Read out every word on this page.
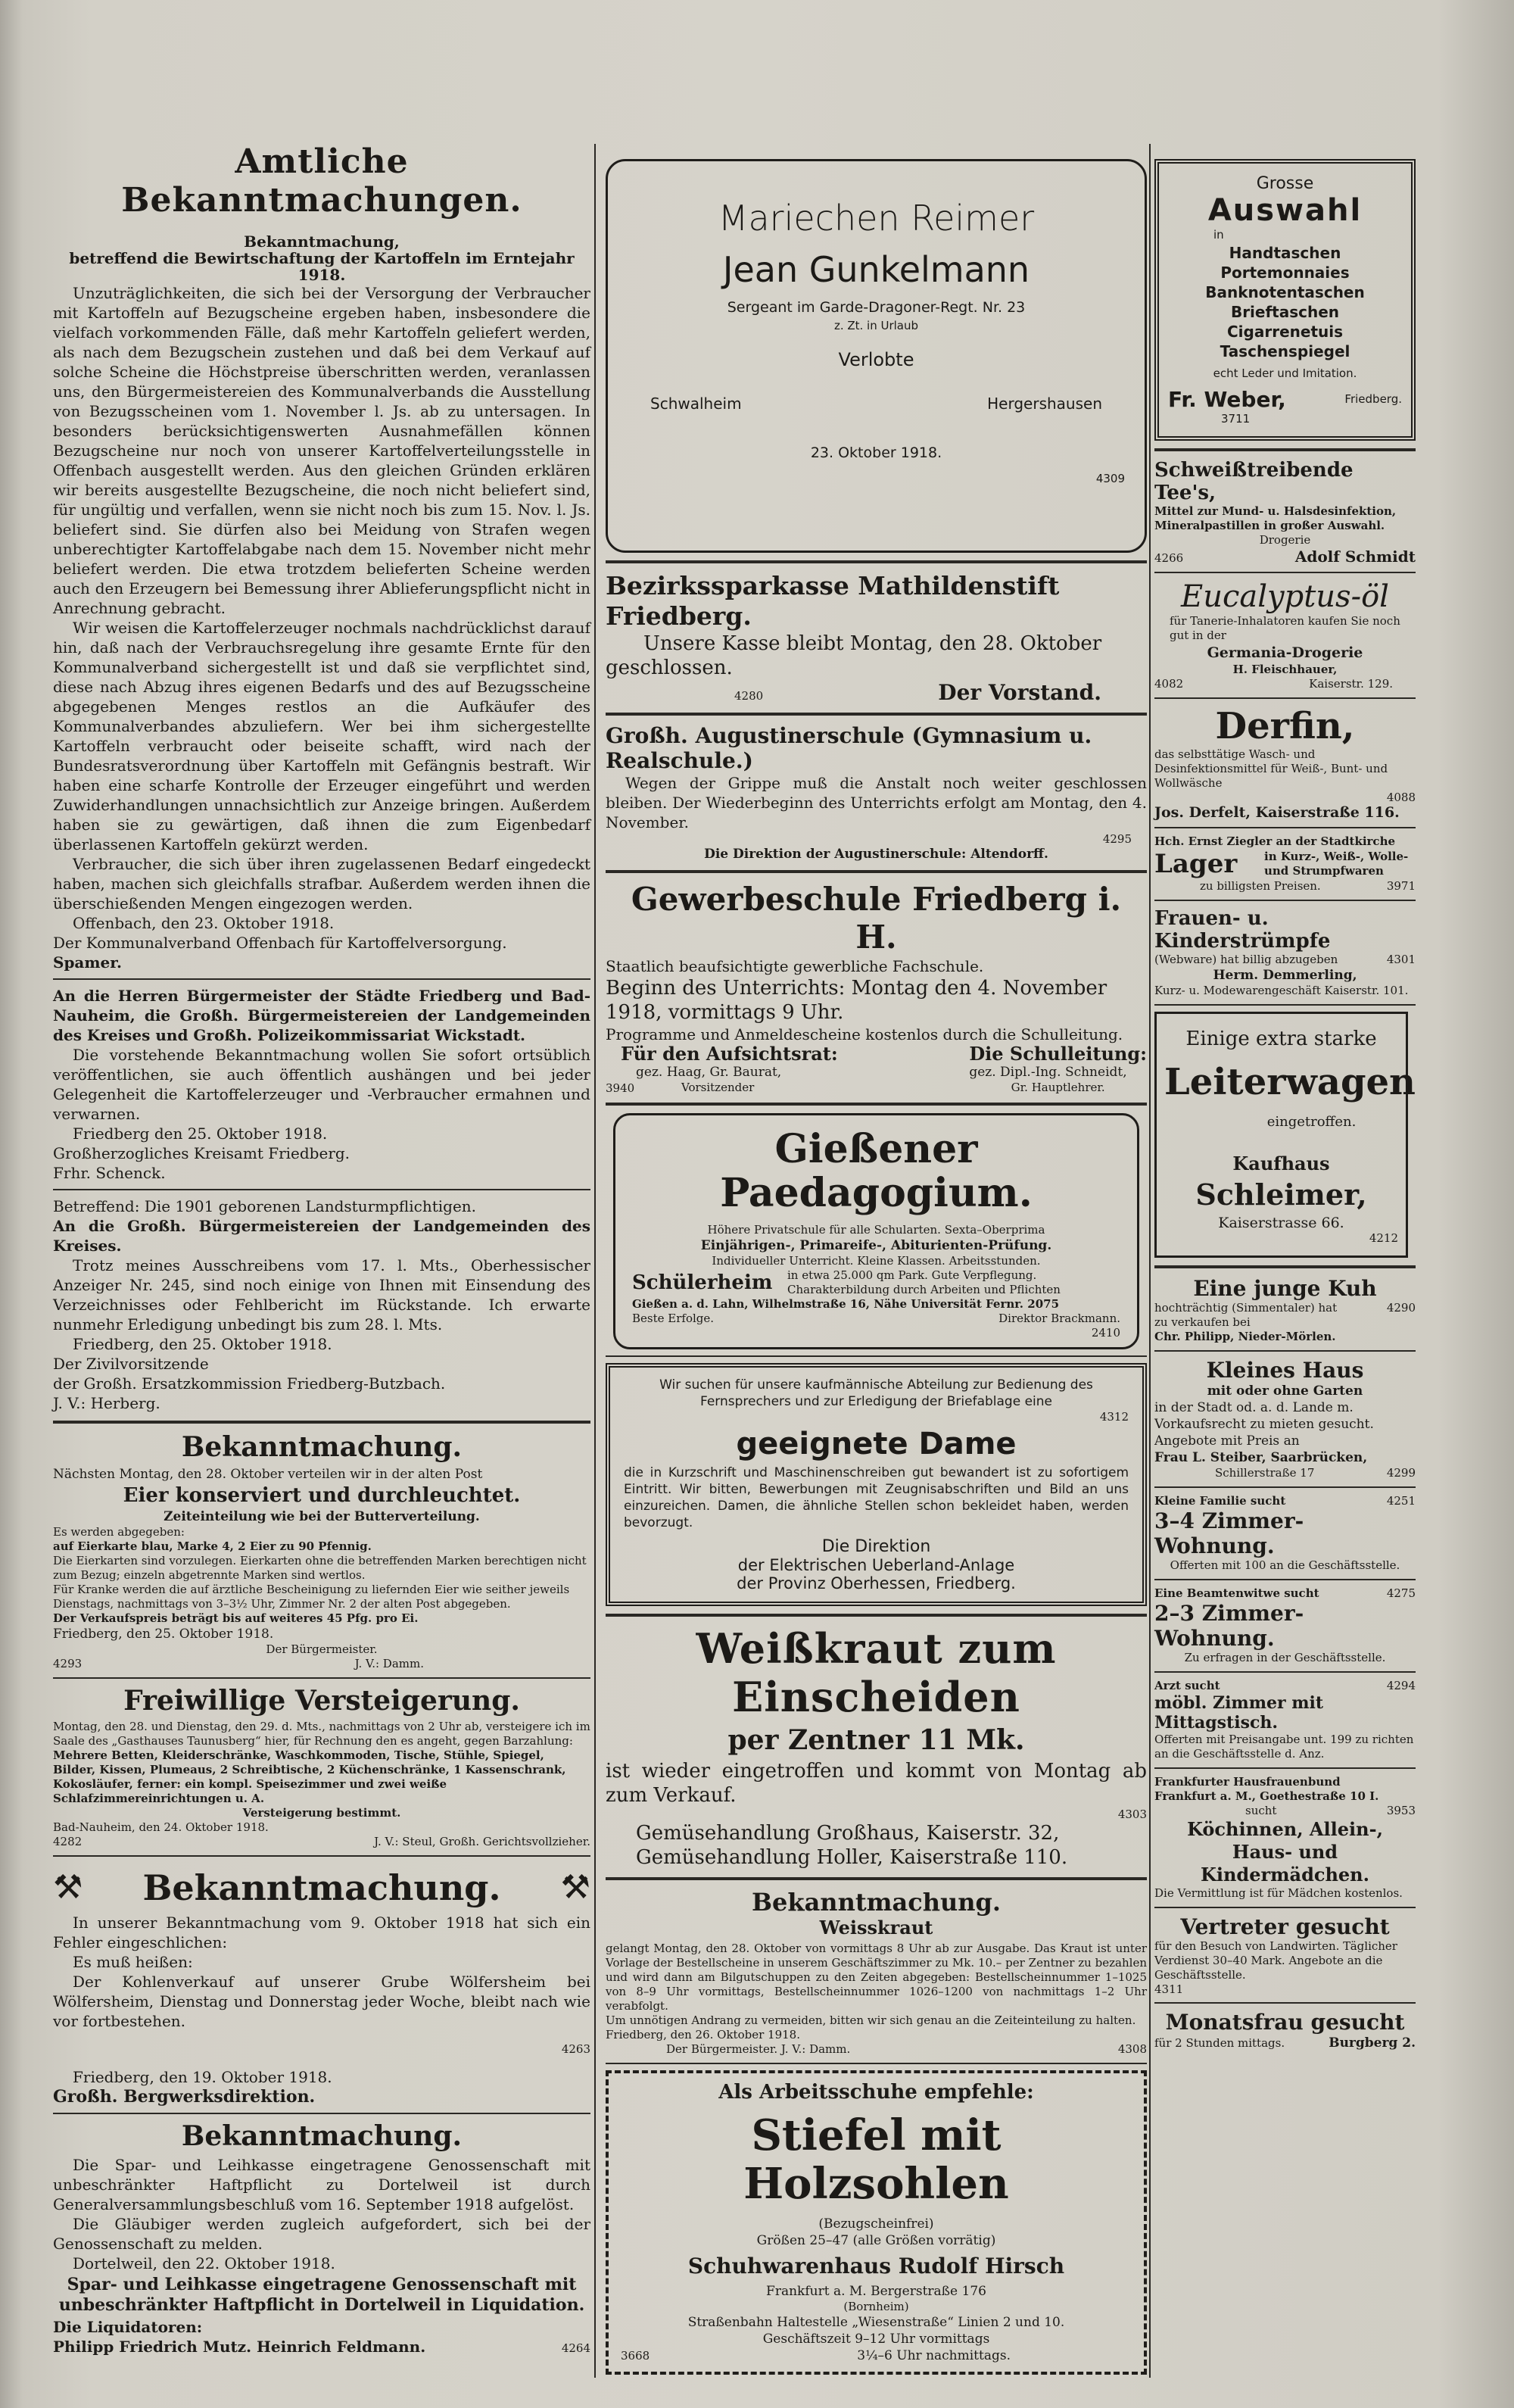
Amtliche Bekanntmachungen.

Bekanntmachung,

betreffend die Bewirtschaftung der Kartoffeln im Erntejahr 1918.

Unzuträglichkeiten, die sich bei der Versorgung der Verbraucher mit Kartoffeln auf Bezugscheine ergeben haben, insbesondere die vielfach vorkommenden Fälle, daß mehr Kartoffeln geliefert werden, als nach dem Bezugschein zustehen und daß bei dem Verkauf auf solche Scheine die Höchstpreise überschritten werden, veranlassen uns, den Bürgermeistereien des Kommunalverbands die Ausstellung von Bezugsscheinen vom 1. November l. Js. ab zu untersagen. In besonders berücksichtigenswerten Ausnahmefällen können Bezugscheine nur noch von unserer Kartoffelverteilungsstelle in Offenbach ausgestellt werden. Aus den gleichen Gründen erklären wir bereits ausgestellte Bezugscheine, die noch nicht beliefert sind, für ungültig und verfallen, wenn sie nicht noch bis zum 15. Nov. l. Js. beliefert sind. Sie dürfen also bei Meidung von Strafen wegen unberechtigter Kartoffelabgabe nach dem 15. November nicht mehr beliefert werden. Die etwa trotzdem belieferten Scheine werden auch den Erzeugern bei Bemessung ihrer Ablieferungspflicht nicht in Anrechnung gebracht.

Wir weisen die Kartoffelerzeuger nochmals nachdrücklichst darauf hin, daß nach der Verbrauchsregelung ihre gesamte Ernte für den Kommunalverband sichergestellt ist und daß sie verpflichtet sind, diese nach Abzug ihres eigenen Bedarfs und des auf Bezugsscheine abgegebenen Menges restlos an die Aufkäufer des Kommunalverbandes abzuliefern. Wer bei ihm sichergestellte Kartoffeln verbraucht oder beiseite schafft, wird nach der Bundesratsverordnung über Kartoffeln mit Gefängnis bestraft. Wir haben eine scharfe Kontrolle der Erzeuger eingeführt und werden Zuwiderhandlungen unnachsichtlich zur Anzeige bringen. Außerdem haben sie zu gewärtigen, daß ihnen die zum Eigenbedarf überlassenen Kartoffeln gekürzt werden.

Verbraucher, die sich über ihren zugelassenen Bedarf eingedeckt haben, machen sich gleichfalls strafbar. Außerdem werden ihnen die überschießenden Mengen eingezogen werden.

Offenbach, den 23. Oktober 1918.

Der Kommunalverband Offenbach für Kartoffelversorgung.

Spamer.

An die Herren Bürgermeister der Städte Friedberg und Bad-Nauheim, die Großh. Bürgermeistereien der Landgemeinden des Kreises und Großh. Polizeikommissariat Wickstadt.

Die vorstehende Bekanntmachung wollen Sie sofort ortsüblich veröffentlichen, sie auch öffentlich aushängen und bei jeder Gelegenheit die Kartoffelerzeuger und -Verbraucher ermahnen und verwarnen.

Friedberg den 25. Oktober 1918.

Großherzogliches Kreisamt Friedberg.

Frhr. Schenck.

Betreffend: Die 1901 geborenen Landsturmpflichtigen.

An die Großh. Bürgermeistereien der Landgemeinden des Kreises.

Trotz meines Ausschreibens vom 17. l. Mts., Oberhessischer Anzeiger Nr. 245, sind noch einige von Ihnen mit Einsendung des Verzeichnisses oder Fehlbericht im Rückstande. Ich erwarte nunmehr Erledigung unbedingt bis zum 28. l. Mts.

Friedberg, den 25. Oktober 1918.

Der Zivilvorsitzende

der Großh. Ersatzkommission Friedberg-Butzbach.

J. V.: Herberg.

Bekanntmachung.

Nächsten Montag, den 28. Oktober verteilen wir in der alten Post

Eier konserviert und durchleuchtet.

Zeiteinteilung wie bei der Butterverteilung.

Es werden abgegeben:

auf Eierkarte blau, Marke 4, 2 Eier zu 90 Pfennig.

Die Eierkarten sind vorzulegen. Eierkarten ohne die betreffenden Marken berechtigen nicht zum Bezug; einzeln abgetrennte Marken sind wertlos.

Für Kranke werden die auf ärztliche Bescheinigung zu liefernden Eier wie seither jeweils Dienstags, nachmittags von 3–3½ Uhr, Zimmer Nr. 2 der alten Post abgegeben.

Der Verkaufspreis beträgt bis auf weiteres 45 Pfg. pro Ei.

Friedberg, den 25. Oktober 1918.

Der Bürgermeister.

4293	J. V.: Damm.
Freiwillige Versteigerung.

Montag, den 28. und Dienstag, den 29. d. Mts., nachmittags von 2 Uhr ab, versteigere ich im Saale des „Gasthauses Taunusberg“ hier, für Rechnung den es angeht, gegen Barzahlung:

Mehrere Betten, Kleiderschränke, Waschkommoden, Tische, Stühle, Spiegel, Bilder, Kissen, Plumeaus, 2 Schreibtische, 2 Küchenschränke, 1 Kassenschrank, Kokosläufer, ferner: ein kompl. Speisezimmer und zwei weiße Schlafzimmereinrichtungen u. A.

Versteigerung bestimmt.

Bad-Nauheim, den 24. Oktober 1918.

4282	J. V.: Steul, Großh. Gerichtsvollzieher.
⚒ Bekanntmachung. ⚒

In unserer Bekanntmachung vom 9. Oktober 1918 hat sich ein Fehler eingeschlichen:

Es muß heißen:

Der Kohlenverkauf auf unserer Grube Wölfersheim bei Wölfersheim, Dienstag und Donnerstag jeder Woche, bleibt nach wie vor fortbestehen.

4263

Friedberg, den 19. Oktober 1918.

Großh. Bergwerksdirektion.

Bekanntmachung.

Die Spar- und Leihkasse eingetragene Genossenschaft mit unbeschränkter Haftpflicht zu Dortelweil ist durch Generalversammlungsbeschluß vom 16. September 1918 aufgelöst.

Die Gläubiger werden zugleich aufgefordert, sich bei der Genossenschaft zu melden.

Dortelweil, den 22. Oktober 1918.

Spar- und Leihkasse eingetragene Genossenschaft mit unbeschränkter Haftpflicht in Dortelweil in Liquidation.

Die Liquidatoren:

Philipp Friedrich Mutz. Heinrich Feldmann.	4264

Mariechen Reimer

Jean Gunkelmann

Sergeant im Garde-Dragoner-Regt. Nr. 23

z. Zt. in Urlaub

Verlobte

Schwalheim	Hergershausen

23. Oktober 1918.

4309

Bezirkssparkasse Mathildenstift Friedberg.

Unsere Kasse bleibt Montag, den 28. Oktober geschlossen.

4280	Der Vorstand.

Großh. Augustinerschule (Gymnasium u. Realschule.)

Wegen der Grippe muß die Anstalt noch weiter geschlossen bleiben. Der Wiederbeginn des Unterrichts erfolgt am Montag, den 4. November.

4295

Die Direktion der Augustinerschule: Altendorff.

Gewerbeschule Friedberg i. H.

Staatlich beaufsichtigte gewerbliche Fachschule.

Beginn des Unterrichts: Montag den 4. November 1918, vormittags 9 Uhr.

Programme und Anmeldescheine kostenlos durch die Schulleitung.

Für den Aufsichtsrat:

gez. Haag, Gr. Baurat,

Vorsitzender

Die Schulleitung:

gez. Dipl.-Ing. Schneidt,

Gr. Hauptlehrer.

3940

Gießener Paedagogium.

Höhere Privatschule für alle Schularten. Sexta–Oberprima

Einjährigen-, Primareife-, Abiturienten-Prüfung.

Individueller Unterricht. Kleine Klassen. Arbeitsstunden.

Schülerheim in etwa 25.000 qm Park. Gute Verpflegung. Charakterbildung durch Arbeiten und Pflichten

Gießen a. d. Lahn, Wilhelmstraße 16, Nähe Universität Fernr. 2075

Beste Erfolge.	Direktor Brackmann.

2410

Wir suchen für unsere kaufmännische Abteilung zur Bedienung des Fernsprechers und zur Erledigung der Briefablage eine

4312

geeignete Dame

die in Kurzschrift und Maschinenschreiben gut bewandert ist zu sofortigem Eintritt. Wir bitten, Bewerbungen mit Zeugnisabschriften und Bild an uns einzureichen. Damen, die ähnliche Stellen schon bekleidet haben, werden bevorzugt.

Die Direktion

der Elektrischen Ueberland-Anlage

der Provinz Oberhessen, Friedberg.

Weißkraut zum Einscheiden

per Zentner 11 Mk.

ist wieder eingetroffen und kommt von Montag ab zum Verkauf.

4303

Gemüsehandlung Großhaus, Kaiserstr. 32,

Gemüsehandlung Holler, Kaiserstraße 110.

Bekanntmachung.

Weisskraut

gelangt Montag, den 28. Oktober von vormittags 8 Uhr ab zur Ausgabe. Das Kraut ist unter Vorlage der Bestellscheine in unserem Geschäftszimmer zu Mk. 10.– per Zentner zu bezahlen und wird dann am Bilgutschuppen zu den Zeiten abgegeben: Bestellscheinnummer 1–1025 von 8–9 Uhr vormittags, Bestellscheinnummer 1026–1200 von nachmittags 1–2 Uhr verabfolgt.

Um unnötigen Andrang zu vermeiden, bitten wir sich genau an die Zeiteinteilung zu halten.

Friedberg, den 26. Oktober 1918.

Der Bürgermeister. J. V.: Damm.	4308

Als Arbeitsschuhe empfehle:

Stiefel mit Holzsohlen

(Bezugscheinfrei)

Größen 25–47 (alle Größen vorrätig)

Schuhwarenhaus Rudolf Hirsch

Frankfurt a. M. Bergerstraße 176

(Bornheim)

Straßenbahn Haltestelle „Wiesenstraße“ Linien 2 und 10.

Geschäftszeit 9–12 Uhr vormittags

3668	3¼–6 Uhr nachmittags.

Grosse

Auswahl

in

Handtaschen

Portemonnaies

Banknotentaschen

Brieftaschen

Cigarrenetuis

Taschenspiegel

echt Leder und Imitation.

Fr. Weber,	Friedberg.

3711

Schweißtreibende Tee's,

Mittel zur Mund- u. Halsdesinfektion, Mineralpastillen in großer Auswahl.

Drogerie

4266	Adolf Schmidt

Eucalyptus-öl

für Tanerie-Inhalatoren kaufen Sie noch gut in der

Germania-Drogerie

H. Fleischhauer,

4082	Kaiserstr. 129.

Derfin,

das selbsttätige Wasch- und Desinfektionsmittel für Weiß-, Bunt- und Wollwäsche

4088

Jos. Derfelt, Kaiserstraße 116.

Hch. Ernst Ziegler an der Stadtkirche

Lager in Kurz-, Weiß-, Wolle- und Strumpfwaren
zu billigsten Preisen.	3971

Frauen- u. Kinderstrümpfe

(Webware) hat billig abzugeben	4301

Herm. Demmerling,

Kurz- u. Modewarengeschäft Kaiserstr. 101.

Einige extra starke

Leiterwagen

eingetroffen.

Kaufhaus

Schleimer,

Kaiserstrasse 66.

4212

Eine junge Kuh

hochträchtig (Simmentaler) hat zu verkaufen bei
4290

Chr. Philipp, Nieder-Mörlen.

Kleines Haus

mit oder ohne Garten

in der Stadt od. a. d. Lande m. Vorkaufsrecht zu mieten gesucht. Angebote mit Preis an

Frau L. Steiber, Saarbrücken,

Schillerstraße 17	4299
Kleine Familie sucht	4251

3–4 Zimmer-Wohnung.

Offerten mit 100 an die Geschäftsstelle.

Eine Beamtenwitwe sucht	4275

2–3 Zimmer-Wohnung.

Zu erfragen in der Geschäftsstelle.

Arzt sucht	4294

möbl. Zimmer mit Mittagstisch.

Offerten mit Preisangabe unt. 199 zu richten an die Geschäftsstelle d. Anz.

Frankfurter Hausfrauenbund

Frankfurt a. M., Goethestraße 10 I.

sucht	3953

Köchinnen, Allein-, Haus- und Kindermädchen.

Die Vermittlung ist für Mädchen kostenlos.

Vertreter gesucht

für den Besuch von Landwirten. Täglicher Verdienst 30–40 Mark. Angebote an die Geschäftsstelle.

4311

Monatsfrau gesucht

für 2 Stunden mittags.	Burgberg 2.
